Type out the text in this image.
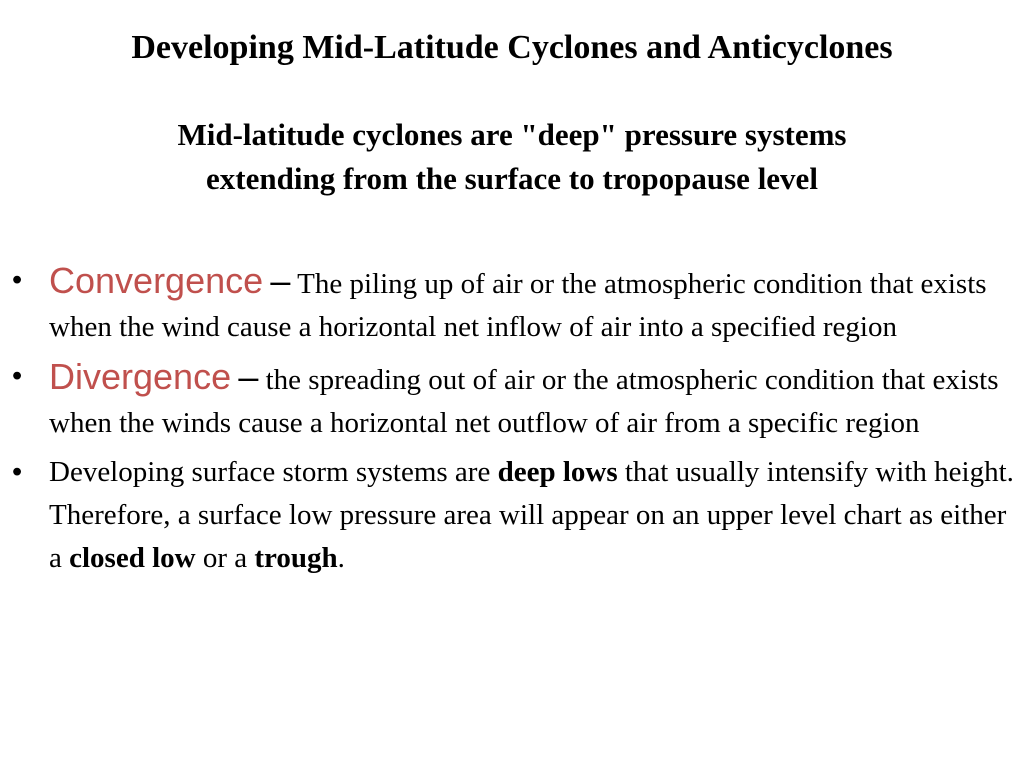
Developing Mid-Latitude Cyclones and Anticyclones
Mid-latitude cyclones are "deep" pressure systems
extending from the surface to tropopause level
• Convergence – The piling up of air or the atmospheric condition that exists when the wind cause a horizontal net inflow of air into a specified region
• Divergence – the spreading out of air or the atmospheric condition that exists when the winds cause a horizontal net outflow of air from a specific region
• Developing surface storm systems are deep lows that usually intensify with height. Therefore, a surface low pressure area will appear on an upper level chart as either a closed low or a trough.
